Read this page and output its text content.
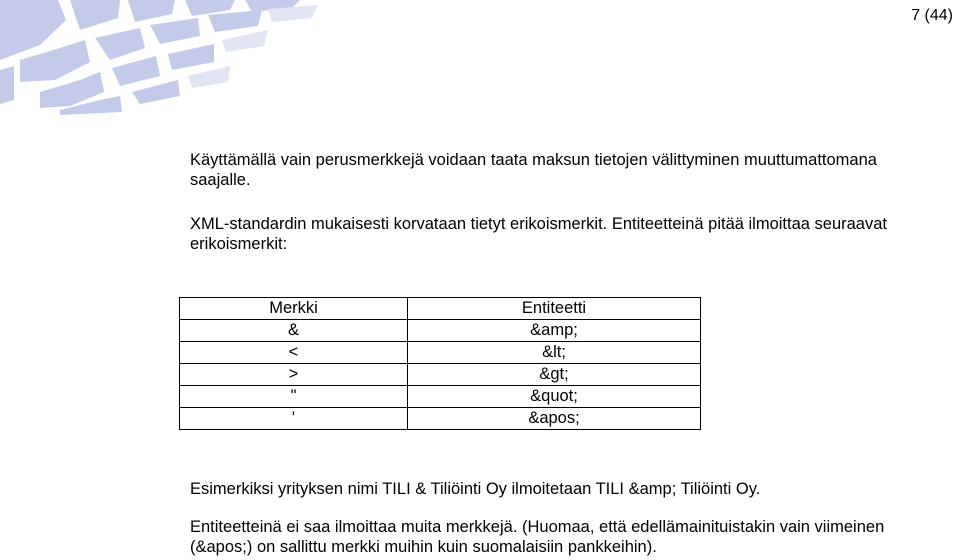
7 (44)

Käyttämällä vain perusmerkkejä voidaan taata maksun tietojen välittyminen muuttumattomana saajalle.

XML-standardin mukaisesti korvataan tietyt erikoismerkit. Entiteetteinä pitää ilmoittaa seuraavat erikoismerkit:

Merkki	Entiteetti
&	&amp;
<	&lt;
>	&gt;
"	&quot;
'	&apos;

Esimerkiksi yrityksen nimi TILI & Tiliöinti Oy ilmoitetaan TILI &amp; Tiliöinti Oy.

Entiteetteinä ei saa ilmoittaa muita merkkejä. (Huomaa, että edellämainituistakin vain viimeinen (&apos;) on sallittu merkki muihin kuin suomalaisiin pankkeihin).
